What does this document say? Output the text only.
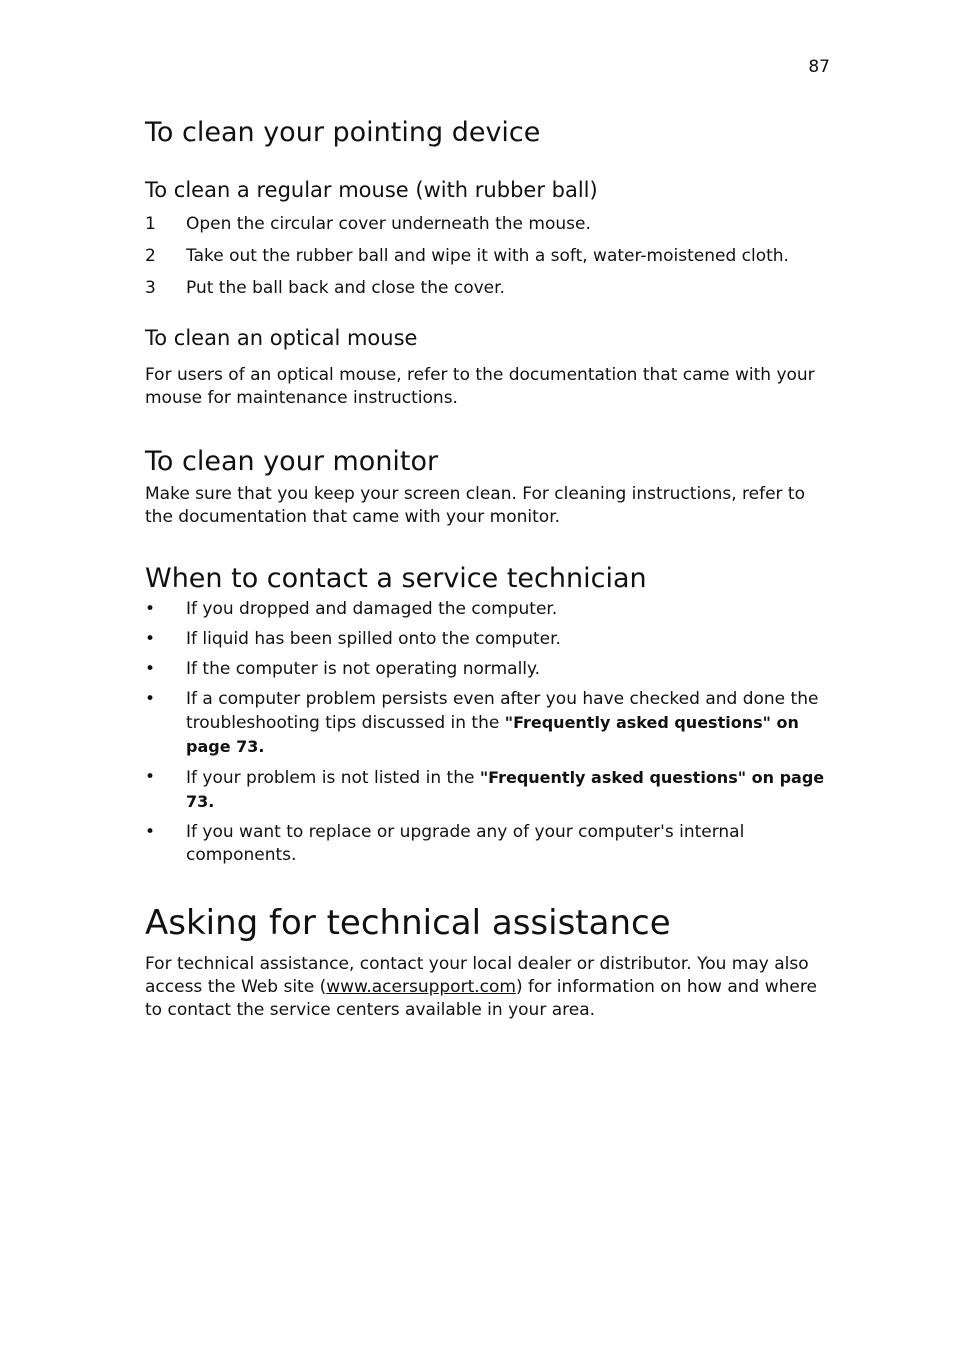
87
To clean your pointing device
To clean a regular mouse (with rubber ball)
1 Open the circular cover underneath the mouse.
2 Take out the rubber ball and wipe it with a soft, water-moistened cloth.
3 Put the ball back and close the cover.
To clean an optical mouse

For users of an optical mouse, refer to the documentation that came with your mouse for maintenance instructions.

To clean your monitor

Make sure that you keep your screen clean. For cleaning instructions, refer to the documentation that came with your monitor.

When to contact a service technician
• If you dropped and damaged the computer.
• If liquid has been spilled onto the computer.
• If the computer is not operating normally.
• If a computer problem persists even after you have checked and done the troubleshooting tips discussed in the "Frequently asked questions" on page 73.
• If your problem is not listed in the "Frequently asked questions" on page 73.
• If you want to replace or upgrade any of your computer's internal components.
Asking for technical assistance

For technical assistance, contact your local dealer or distributor. You may also access the Web site (www.acersupport.com) for information on how and where to contact the service centers available in your area.
